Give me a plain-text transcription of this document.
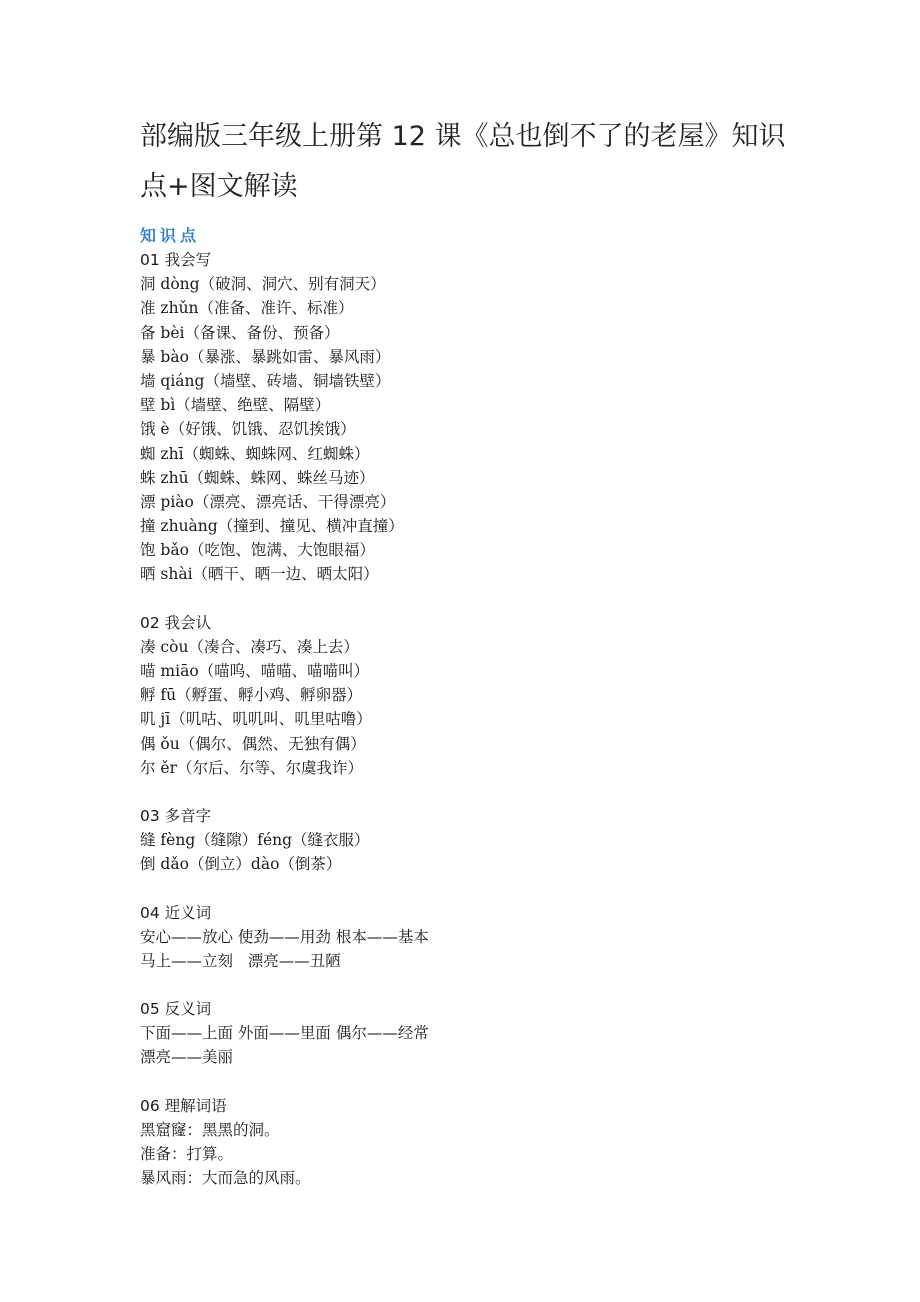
部编版三年级上册第 12 课《总也倒不了的老屋》知识点+图文解读
知识点
01 我会写
洞 dòng（破洞、洞穴、别有洞天）
准 zhǔn（准备、准许、标准）
备 bèi（备课、备份、预备）
暴 bào（暴涨、暴跳如雷、暴风雨）
墙 qiáng（墙壁、砖墙、铜墙铁壁）
壁 bì（墙壁、绝壁、隔壁）
饿 è（好饿、饥饿、忍饥挨饿）
蜘 zhī（蜘蛛、蜘蛛网、红蜘蛛）
蛛 zhū（蜘蛛、蛛网、蛛丝马迹）
漂 piào（漂亮、漂亮话、干得漂亮）
撞 zhuàng（撞到、撞见、横冲直撞）
饱 bǎo（吃饱、饱满、大饱眼福）
晒 shài（晒干、晒一边、晒太阳）
02 我会认
凑 còu（凑合、凑巧、凑上去）
喵 miāo（喵呜、喵喵、喵喵叫）
孵 fū（孵蛋、孵小鸡、孵卵器）
叽 jī（叽咕、叽叽叫、叽里咕噜）
偶 ǒu（偶尔、偶然、无独有偶）
尔 ěr（尔后、尔等、尔虞我诈）
03 多音字
缝 fèng（缝隙）féng（缝衣服）
倒 dǎo（倒立）dào（倒茶）
04 近义词
安心——放心 使劲——用劲 根本——基本
马上——立刻   漂亮——丑陋
05 反义词
下面——上面 外面——里面 偶尔——经常
漂亮——美丽
06 理解词语
黑窟窿：黑黑的洞。
准备：打算。
暴风雨：大而急的风雨。
